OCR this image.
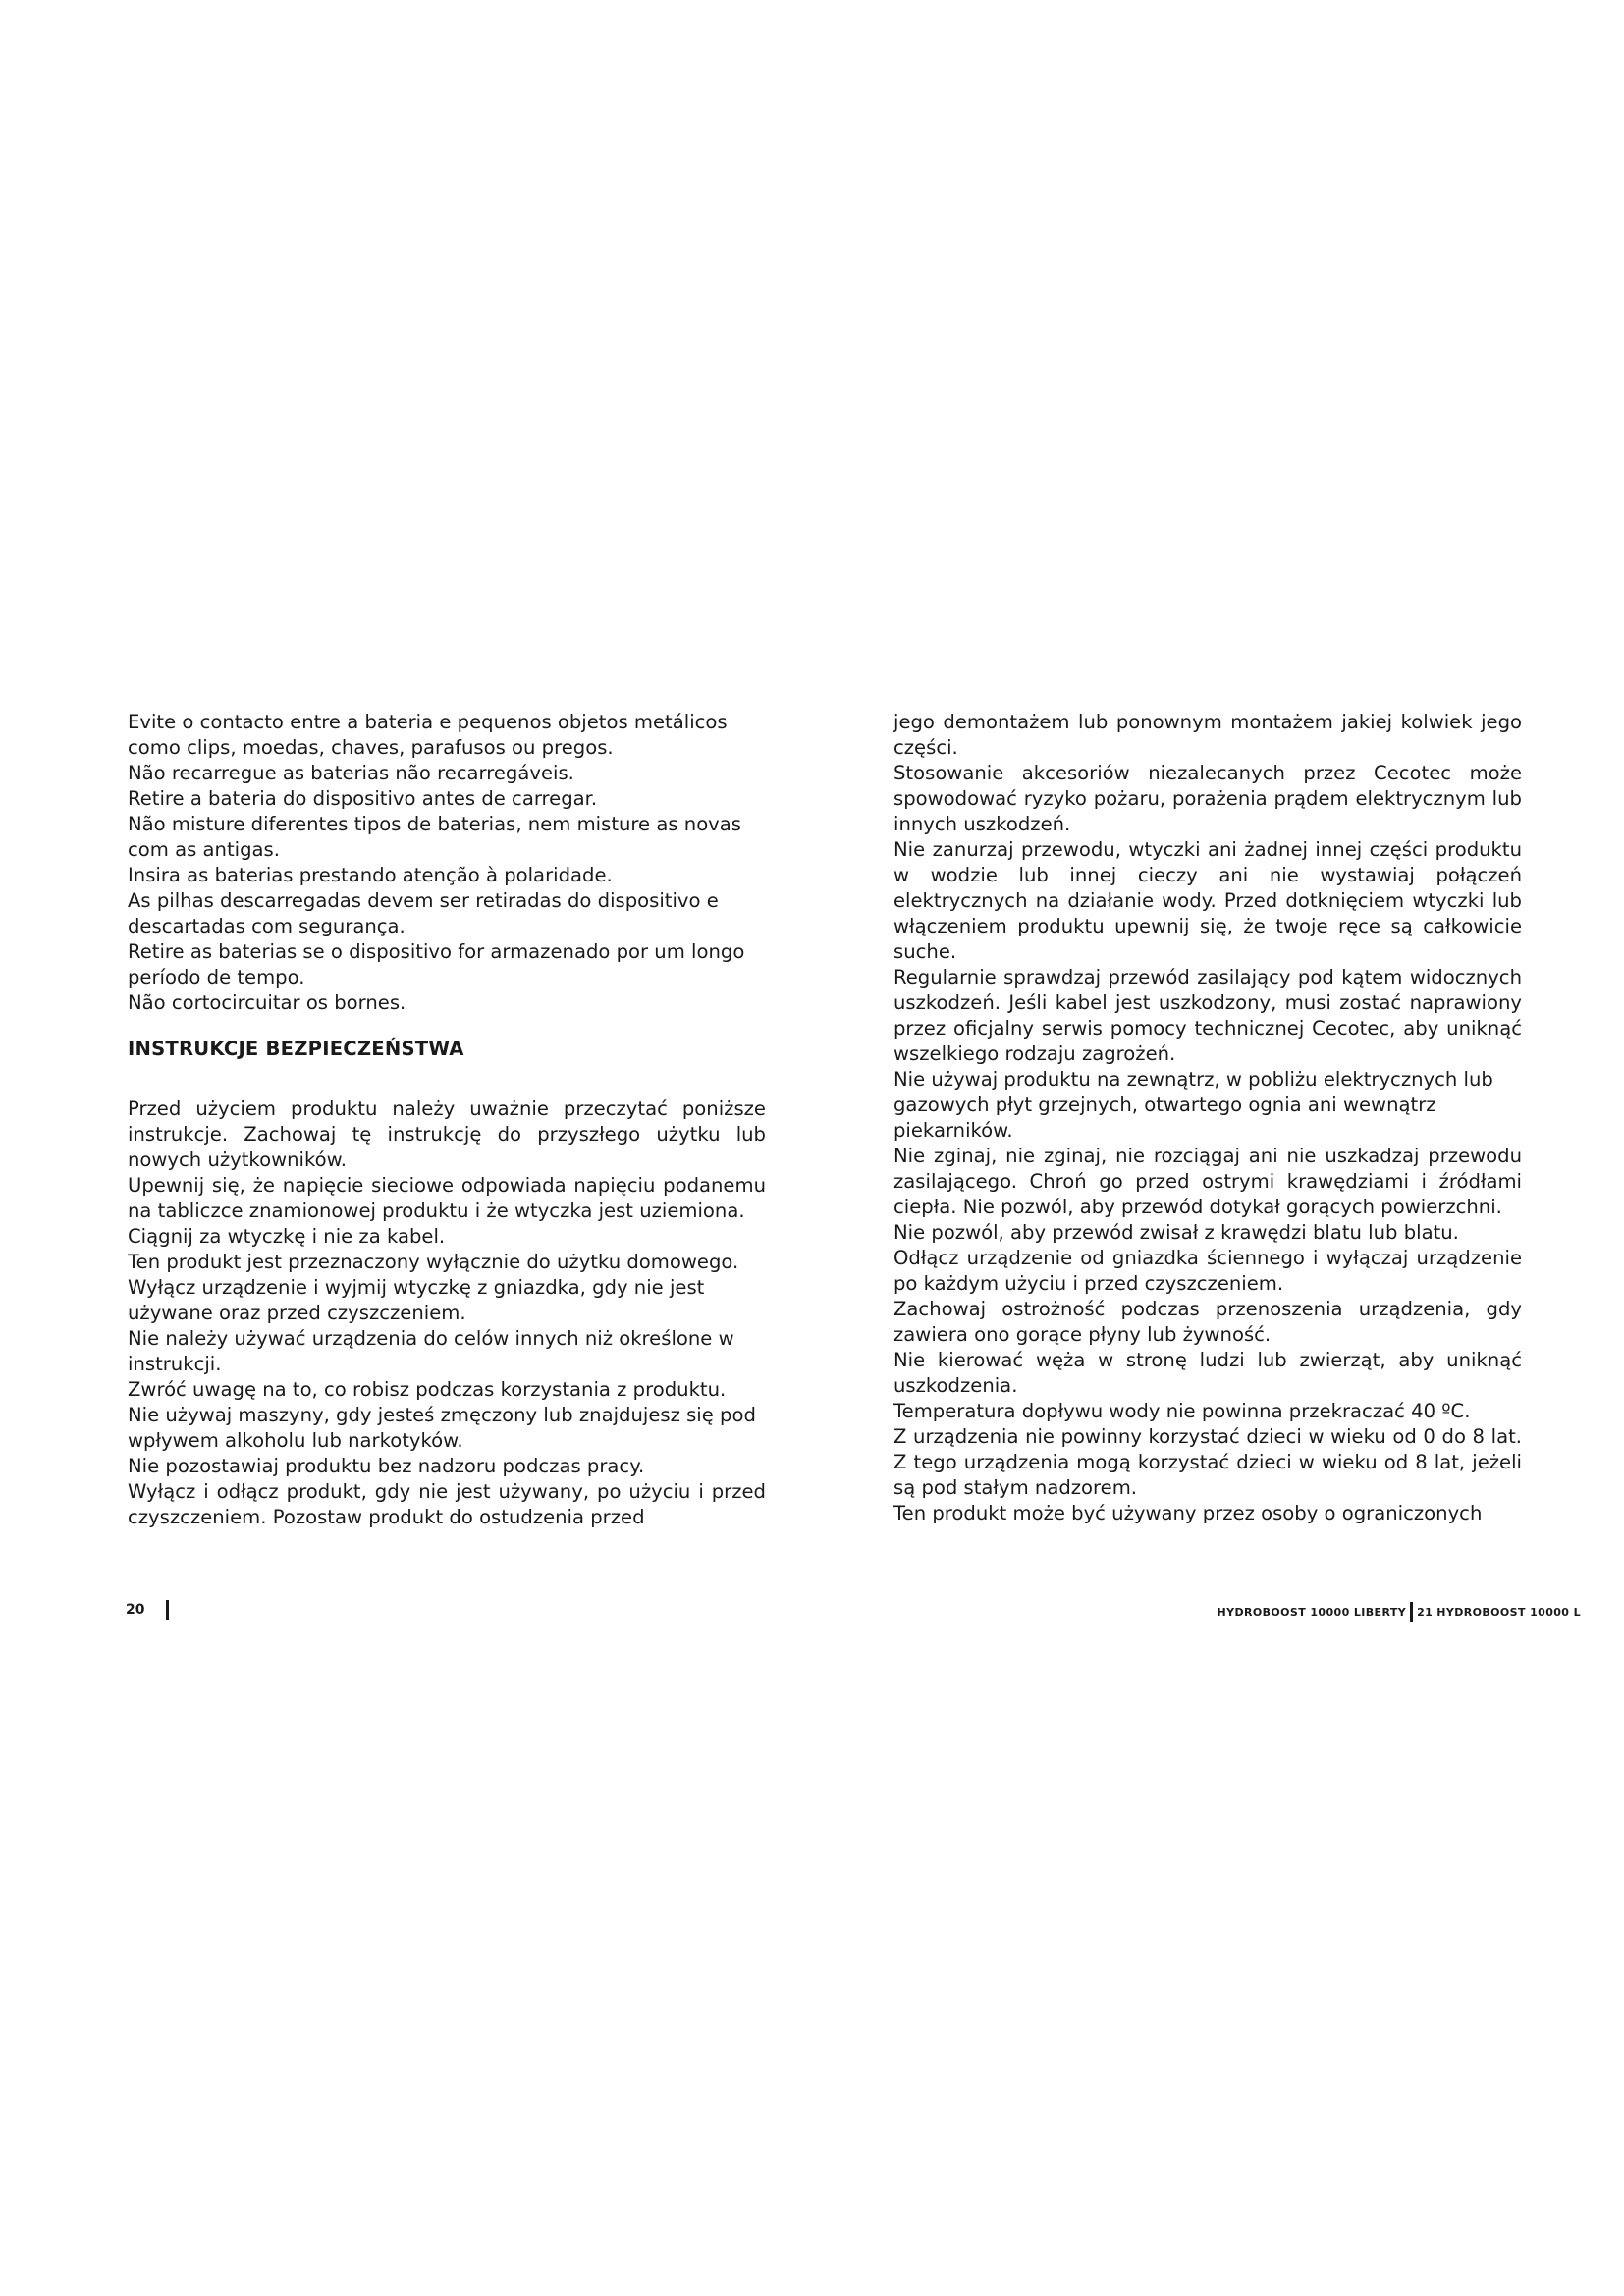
Evite o contacto entre a bateria e pequenos objetos metálicos como clips, moedas, chaves, parafusos ou pregos.

Não recarregue as baterias não recarregáveis.

Retire a bateria do dispositivo antes de carregar.

Não misture diferentes tipos de baterias, nem misture as novas com as antigas.

Insira as baterias prestando atenção à polaridade.

As pilhas descarregadas devem ser retiradas do dispositivo e descartadas com segurança.

Retire as baterias se o dispositivo for armazenado por um longo período de tempo.

Não cortocircuitar os bornes.

INSTRUKCJE BEZPIECZEŃSTWA

Przed użyciem produktu należy uważnie przeczytać poniższe instrukcje. Zachowaj tę instrukcję do przyszłego użytku lub nowych użytkowników.

Upewnij się, że napięcie sieciowe odpowiada napięciu podanemu na tabliczce znamionowej produktu i że wtyczka jest uziemiona.

Ciągnij za wtyczkę i nie za kabel.

Ten produkt jest przeznaczony wyłącznie do użytku domowego.

Wyłącz urządzenie i wyjmij wtyczkę z gniazdka, gdy nie jest używane oraz przed czyszczeniem.

Nie należy używać urządzenia do celów innych niż określone w instrukcji.

Zwróć uwagę na to, co robisz podczas korzystania z produktu.

Nie używaj maszyny, gdy jesteś zmęczony lub znajdujesz się pod wpływem alkoholu lub narkotyków.

Nie pozostawiaj produktu bez nadzoru podczas pracy.

Wyłącz i odłącz produkt, gdy nie jest używany, po użyciu i przed czyszczeniem. Pozostaw produkt do ostudzenia przed

jego demontażem lub ponownym montażem jakiej kolwiek jego części.

Stosowanie akcesoriów niezalecanych przez Cecotec może spowodować ryzyko pożaru, porażenia prądem elektrycznym lub innych uszkodzeń.

Nie zanurzaj przewodu, wtyczki ani żadnej innej części produktu w wodzie lub innej cieczy ani nie wystawiaj połączeń elektrycznych na działanie wody. Przed dotknięciem wtyczki lub włączeniem produktu upewnij się, że twoje ręce są całkowicie suche.

Regularnie sprawdzaj przewód zasilający pod kątem widocznych uszkodzeń. Jeśli kabel jest uszkodzony, musi zostać naprawiony przez oficjalny serwis pomocy technicznej Cecotec, aby uniknąć wszelkiego rodzaju zagrożeń.

Nie używaj produktu na zewnątrz, w pobliżu elektrycznych lub gazowych płyt grzejnych, otwartego ognia ani wewnątrz piekarników.

Nie zginaj, nie zginaj, nie rozciągaj ani nie uszkadzaj przewodu zasilającego. Chroń go przed ostrymi krawędziami i źródłami ciepła. Nie pozwól, aby przewód dotykał gorących powierzchni.

Nie pozwól, aby przewód zwisał z krawędzi blatu lub blatu.

Odłącz urządzenie od gniazdka ściennego i wyłączaj urządzenie po każdym użyciu i przed czyszczeniem.

Zachowaj ostrożność podczas przenoszenia urządzenia, gdy zawiera ono gorące płyny lub żywność.

Nie kierować węża w stronę ludzi lub zwierząt, aby uniknąć uszkodzenia.

Temperatura dopływu wody nie powinna przekraczać 40 ºC.

Z urządzenia nie powinny korzystać dzieci w wieku od 0 do 8 lat. Z tego urządzenia mogą korzystać dzieci w wieku od 8 lat, jeżeli są pod stałym nadzorem.

Ten produkt może być używany przez osoby o ograniczonych

20	HYDROBOOST 10000 LIBERTY 21 HYDROBOOST 10000 L
